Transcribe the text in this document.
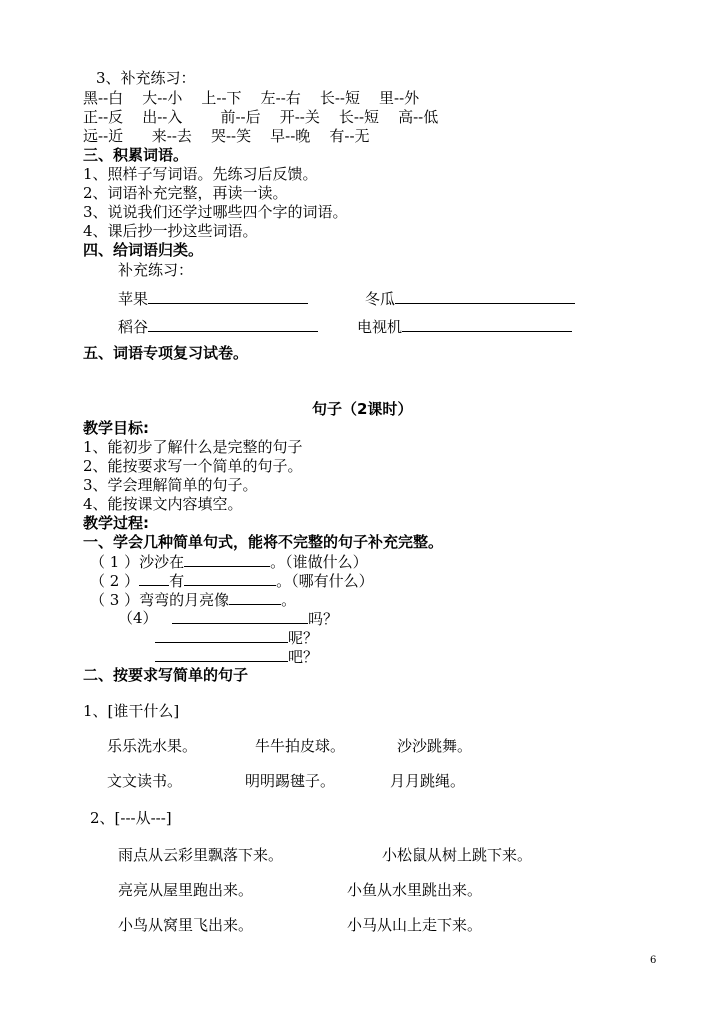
3、补充练习：
黑--白    大--小    上--下    左--右    长--短    里--外
正--反    出--入        前--后    开--关    长--短    高--低
远--近      来--去    哭--笑    早--晚    有--无
三、积累词语。
1、照样子写词语。先练习后反馈。
2、词语补充完整，再读一读。
3、说说我们还学过哪些四个字的词语。
4、课后抄一抄这些词语。
四、给词语归类。
补充练习：
苹果	冬瓜
稻谷	电视机
五、词语专项复习试卷。
句子（2课时）
教学目标:
1、能初步了解什么是完整的句子
2、能按要求写一个简单的句子。
3、学会理解简单的句子。
4、能按课文内容填空。
教学过程:
一、学会几种简单句式，能将不完整的句子补充完整。
（ 1 ）沙沙在	。（谁做什么）
（ 2 ） 有	。（哪有什么）
（ 3 ）弯弯的月亮像	。
（4）	吗？
呢？
吧？
二、按要求写简单的句子
1、[谁干什么]
乐乐洗水果。	牛牛拍皮球。	沙沙跳舞。
文文读书。	明明踢毽子。	月月跳绳。
2、[---从---]
雨点从云彩里飘落下来。	小松鼠从树上跳下来。
亮亮从屋里跑出来。	小鱼从水里跳出来。
小鸟从窝里飞出来。	小马从山上走下来。
6
